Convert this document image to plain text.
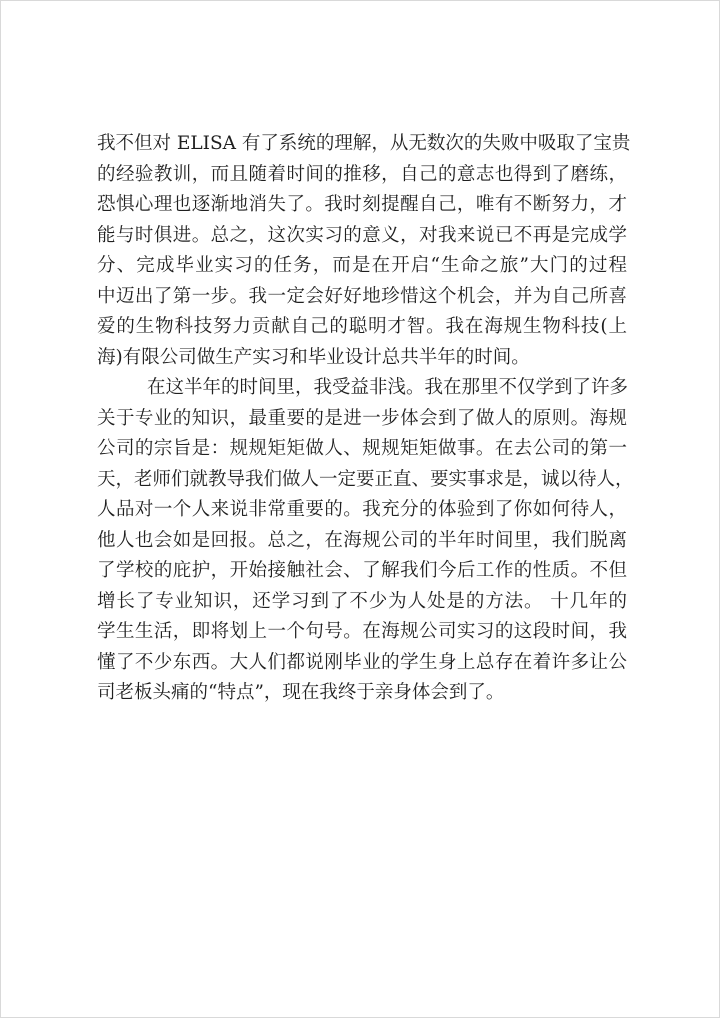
我不但对 ELISA 有了系统的理解，从无数次的失败中吸取了宝贵
的经验教训，而且随着时间的推移，自己的意志也得到了磨练，
恐惧心理也逐渐地消失了。我时刻提醒自己，唯有不断努力，才
能与时俱进。总之，这次实习的意义，对我来说已不再是完成学
分、完成毕业实习的任务，而是在开启“生命之旅”大门的过程
中迈出了第一步。我一定会好好地珍惜这个机会，并为自己所喜
爱的生物科技努力贡献自己的聪明才智。我在海规生物科技(上
海)有限公司做生产实习和毕业设计总共半年的时间。
在这半年的时间里，我受益非浅。我在那里不仅学到了许多
关于专业的知识，最重要的是进一步体会到了做人的原则。海规
公司的宗旨是：规规矩矩做人、规规矩矩做事。在去公司的第一
天，老师们就教导我们做人一定要正直、要实事求是，诚以待人，
人品对一个人来说非常重要的。我充分的体验到了你如何待人，
他人也会如是回报。总之，在海规公司的半年时间里，我们脱离
了学校的庇护，开始接触社会、了解我们今后工作的性质。不但
增长了专业知识，还学习到了不少为人处是的方法。 十几年的
学生生活，即将划上一个句号。在海规公司实习的这段时间，我
懂了不少东西。大人们都说刚毕业的学生身上总存在着许多让公
司老板头痛的“特点”，现在我终于亲身体会到了。
